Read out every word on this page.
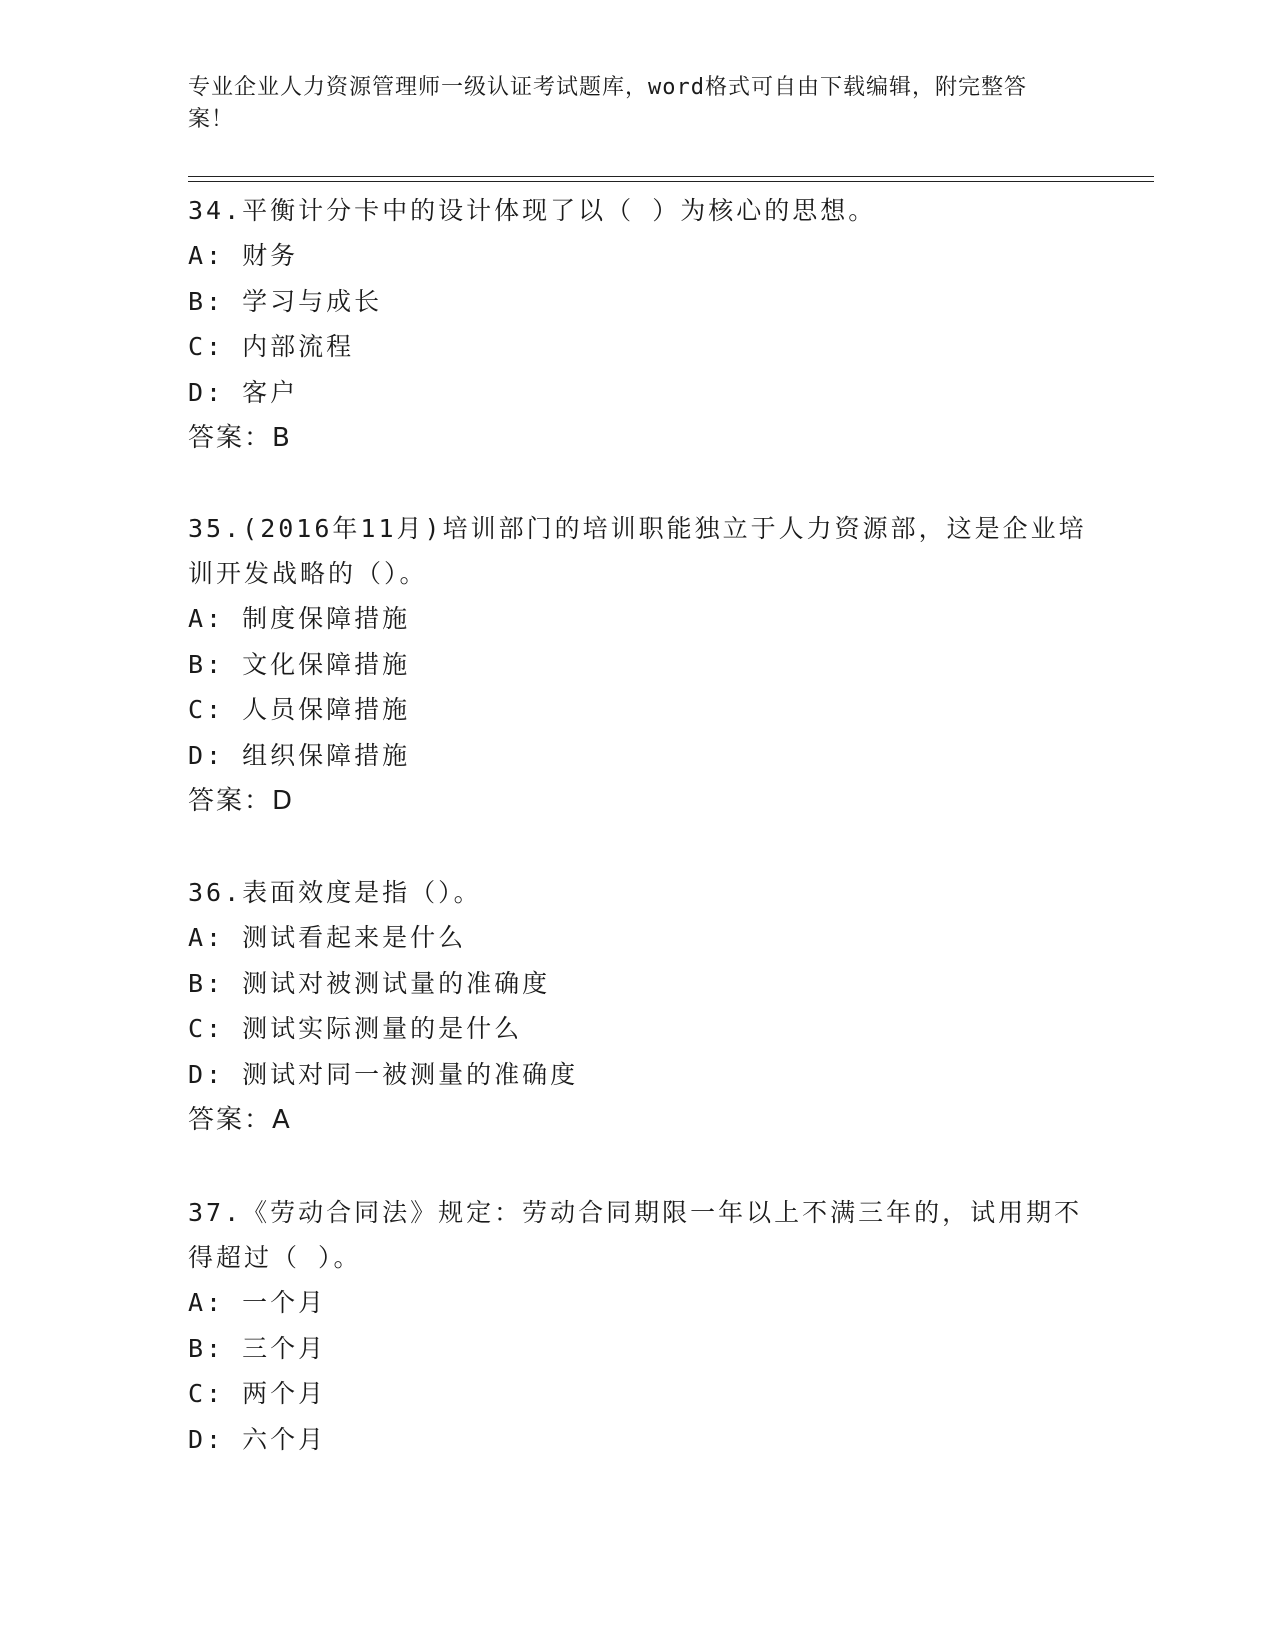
专业企业人力资源管理师一级认证考试题库，word格式可自由下载编辑，附完整答案！
34.平衡计分卡中的设计体现了以（ ）为核心的思想。
A: 财务
B: 学习与成长
C: 内部流程
D: 客户
答案：B
35.(2016年11月)培训部门的培训职能独立于人力资源部，这是企业培训开发战略的（）。
A: 制度保障措施
B: 文化保障措施
C: 人员保障措施
D: 组织保障措施
答案：D
36.表面效度是指（）。
A: 测试看起来是什么
B: 测试对被测试量的准确度
C: 测试实际测量的是什么
D: 测试对同一被测量的准确度
答案：A
37.《劳动合同法》规定：劳动合同期限一年以上不满三年的，试用期不得超过（ ）。
A: 一个月
B: 三个月
C: 两个月
D: 六个月
